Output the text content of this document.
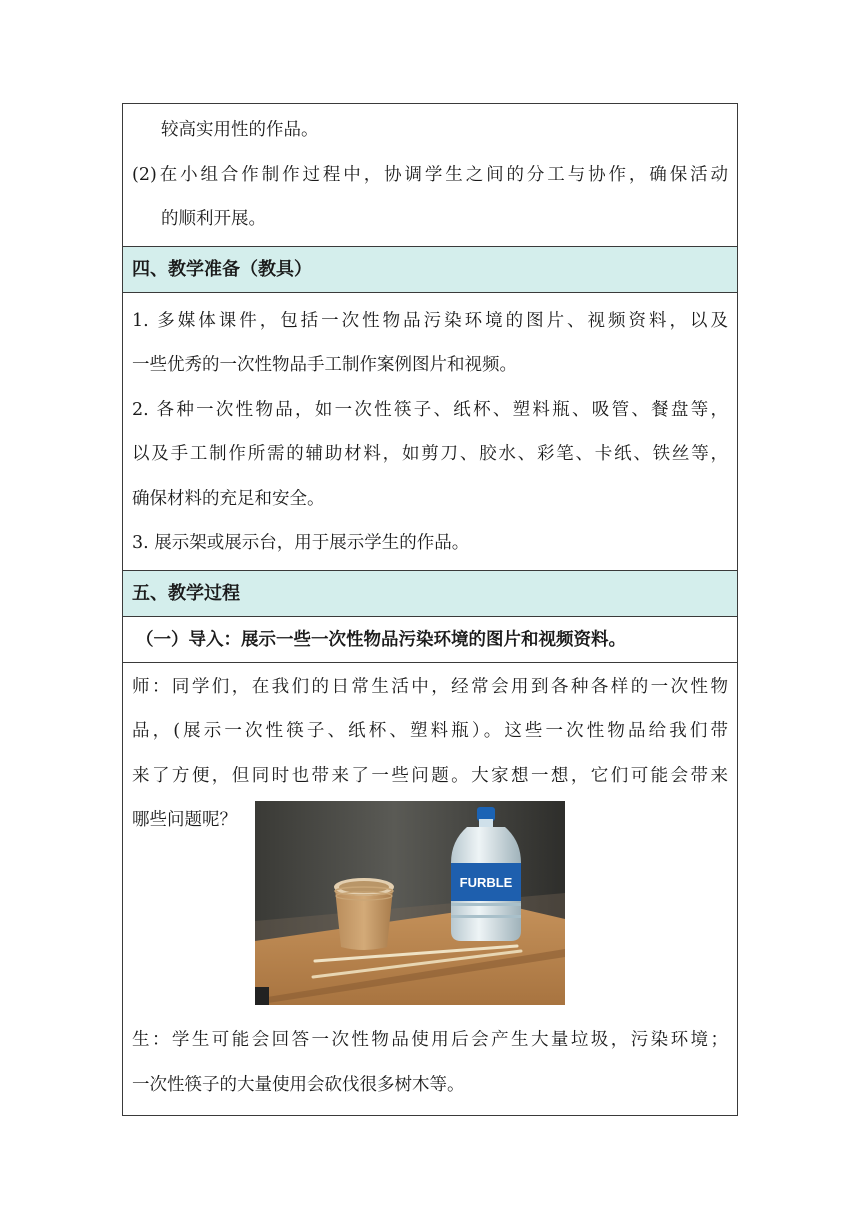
较高实用性的作品。

(2)在小组合作制作过程中，协调学生之间的分工与协作，确保活动

的顺利开展。

四、教学准备（教具）

1. 多媒体课件，包括一次性物品污染环境的图片、视频资料，以及

一些优秀的一次性物品手工制作案例图片和视频。

2. 各种一次性物品，如一次性筷子、纸杯、塑料瓶、吸管、餐盘等，

以及手工制作所需的辅助材料，如剪刀、胶水、彩笔、卡纸、铁丝等，

确保材料的充足和安全。

3. 展示架或展示台，用于展示学生的作品。

五、教学过程
（一）导入：展示一些一次性物品污染环境的图片和视频资料。

师：同学们，在我们的日常生活中，经常会用到各种各样的一次性物

品，(展示一次性筷子、纸杯、塑料瓶）。这些一次性物品给我们带

来了方便，但同时也带来了一些问题。大家想一想，它们可能会带来

哪些问题呢？

FURBLE

生：学生可能会回答一次性物品使用后会产生大量垃圾，污染环境；

一次性筷子的大量使用会砍伐很多树木等。
